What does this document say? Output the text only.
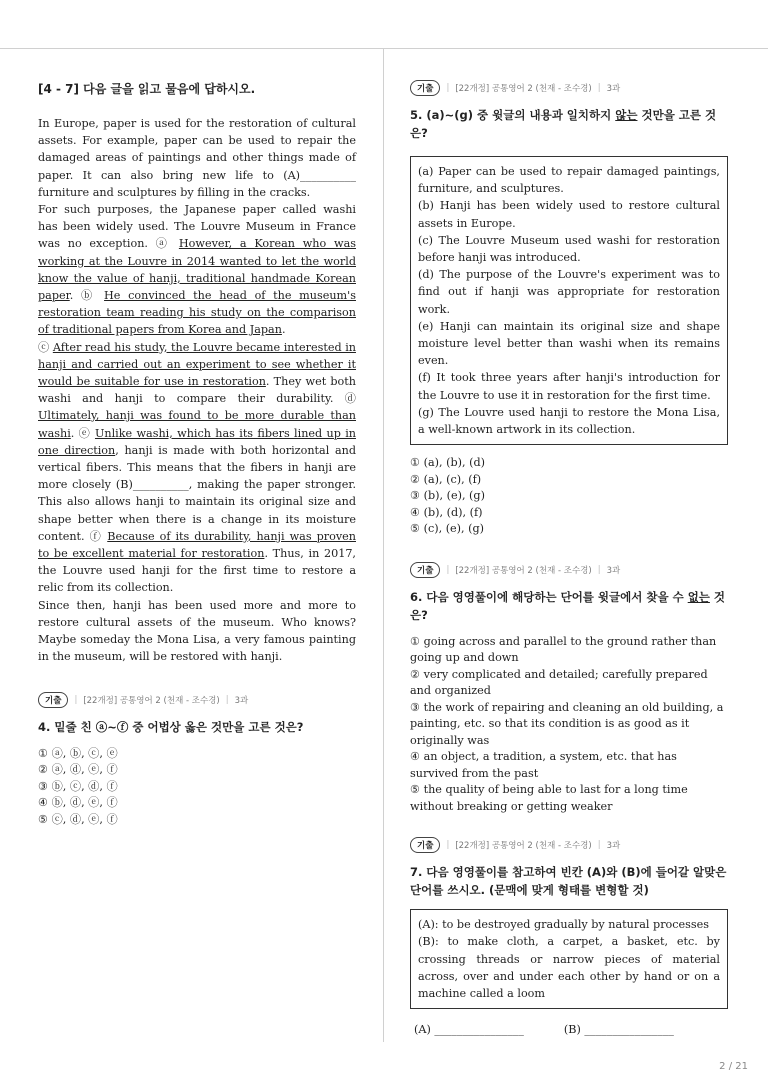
[4 - 7] 다음 글을 읽고 물음에 답하시오.

In Europe, paper is used for the restoration of cultural assets. For example, paper can be used to repair the damaged areas of paintings and other things made of paper. It can also bring new life to (A)__________ furniture and sculptures by filling in the cracks.

For such purposes, the Japanese paper called washi has been widely used. The Louvre Museum in France was no exception. ⓐ However, a Korean who was working at the Louvre in 2014 wanted to let the world know the value of hanji, traditional handmade Korean paper. ⓑ He convinced the head of the museum's restoration team reading his study on the comparison of traditional papers from Korea and Japan.

ⓒ After read his study, the Louvre became interested in hanji and carried out an experiment to see whether it would be suitable for use in restoration. They wet both washi and hanji to compare their durability. ⓓ Ultimately, hanji was found to be more durable than washi. ⓔ Unlike washi, which has its fibers lined up in one direction, hanji is made with both horizontal and vertical fibers. This means that the fibers in hanji are more closely (B)__________, making the paper stronger. This also allows hanji to maintain its original size and shape better when there is a change in its moisture content. ⓕ Because of its durability, hanji was proven to be excellent material for restoration. Thus, in 2017, the Louvre used hanji for the first time to restore a relic from its collection.

Since then, hanji has been used more and more to restore cultural assets of the museum. Who knows? Maybe someday the Mona Lisa, a very famous painting in the museum, will be restored with hanji.

기출	| [22개정] 공통영어 2 (천재 - 조수경) | 3과
4. 밑줄 친 ⓐ~ⓕ 중 어법상 옳은 것만을 고른 것은?
① ⓐ, ⓑ, ⓒ, ⓔ
② ⓐ, ⓓ, ⓔ, ⓕ
③ ⓑ, ⓒ, ⓓ, ⓕ
④ ⓑ, ⓓ, ⓔ, ⓕ
⑤ ⓒ, ⓓ, ⓔ, ⓕ
기출	| [22개정] 공통영어 2 (천재 - 조수경) | 3과
5. (a)~(g) 중 윗글의 내용과 일치하지 않는 것만을 고른 것은?
(a) Paper can be used to repair damaged paintings, furniture, and sculptures.
(b) Hanji has been widely used to restore cultural assets in Europe.
(c) The Louvre Museum used washi for restoration before hanji was introduced.
(d) The purpose of the Louvre's experiment was to find out if hanji was appropriate for restoration work.
(e) Hanji can maintain its original size and shape moisture level better than washi when its remains even.
(f) It took three years after hanji's introduction for the Louvre to use it in restoration for the first time.
(g) The Louvre used hanji to restore the Mona Lisa, a well-known artwork in its collection.
① (a), (b), (d)
② (a), (c), (f)
③ (b), (e), (g)
④ (b), (d), (f)
⑤ (c), (e), (g)
기출	| [22개정] 공통영어 2 (천재 - 조수경) | 3과
6. 다음 영영풀이에 해당하는 단어를 윗글에서 찾을 수 없는 것은?
① going across and parallel to the ground rather than going up and down
② very complicated and detailed; carefully prepared and organized
③ the work of repairing and cleaning an old building, a painting, etc. so that its condition is as good as it originally was
④ an object, a tradition, a system, etc. that has survived from the past
⑤ the quality of being able to last for a long time without breaking or getting weaker
기출	| [22개정] 공통영어 2 (천재 - 조수경) | 3과
7. 다음 영영풀이를 참고하여 빈칸 (A)와 (B)에 들어갈 알맞은 단어를 쓰시오. (문맥에 맞게 형태를 변형할 것)
(A): to be destroyed gradually by natural processes
(B): to make cloth, a carpet, a basket, etc. by crossing threads or narrow pieces of material across, over and under each other by hand or on a machine called a loom
(A) ________________	(B) ________________
2 / 21
